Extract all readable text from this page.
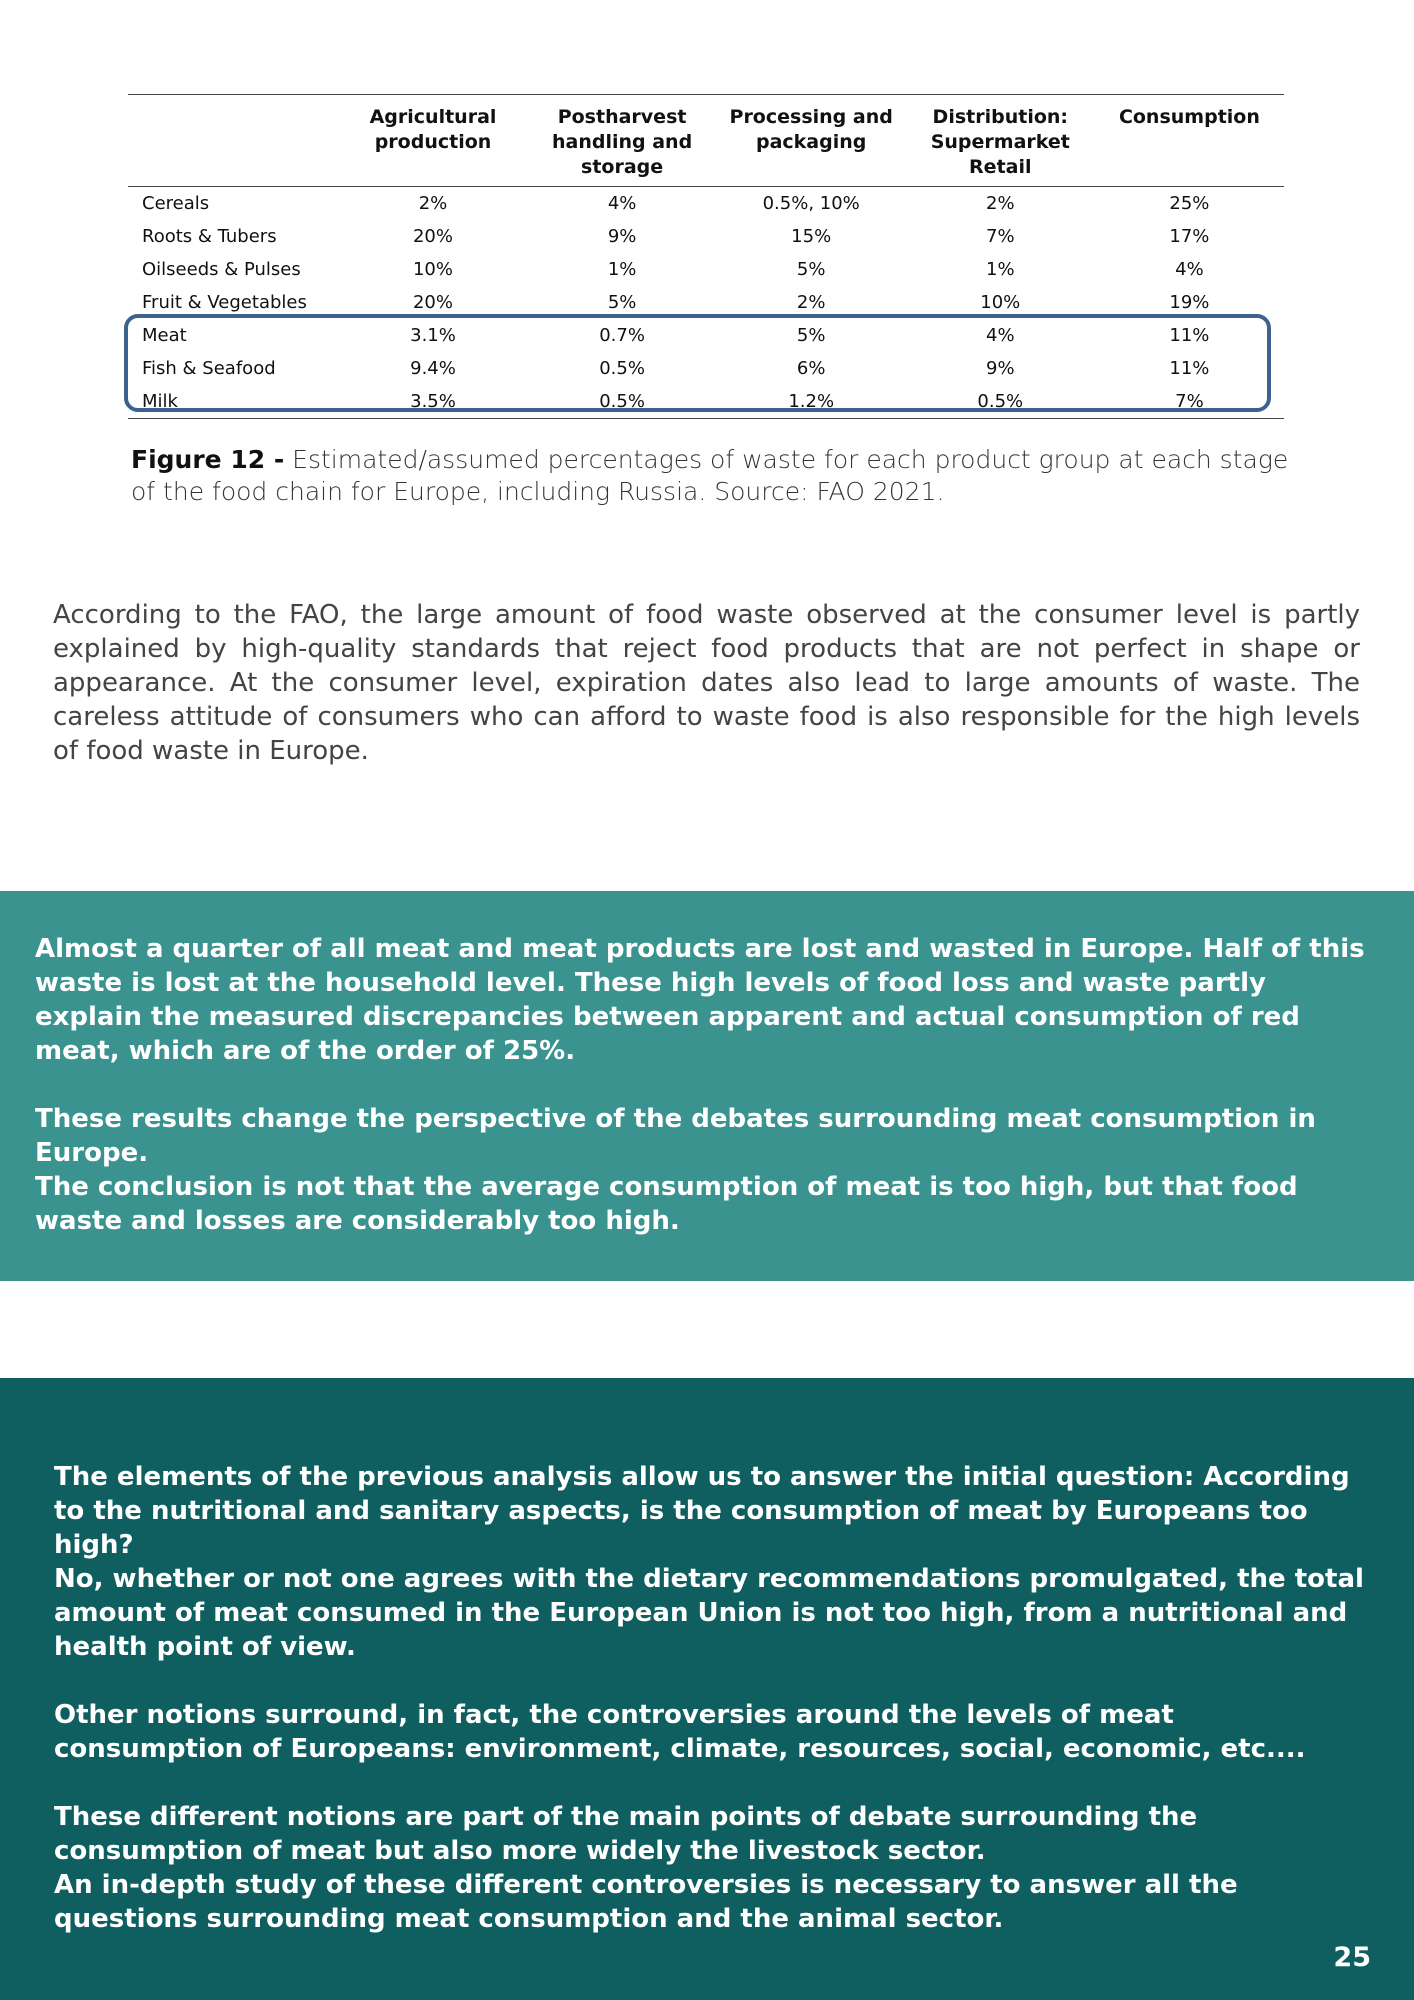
	Agricultural
production	Postharvest
handling and
storage	Processing and
packaging	Distribution:
Supermarket
Retail	Consumption
Cereals	2%	4%	0.5%, 10%	2%	25%
Roots & Tubers	20%	9%	15%	7%	17%
Oilseeds & Pulses	10%	1%	5%	1%	4%
Fruit & Vegetables	20%	5%	2%	10%	19%
Meat	3.1%	0.7%	5%	4%	11%
Fish & Seafood	9.4%	0.5%	6%	9%	11%
Milk	3.5%	0.5%	1.2%	0.5%	7%
Figure 12 - Estimated/assumed percentages of waste for each product group at each stage of the food chain for Europe, including Russia. Source: FAO 2021.

According to the FAO, the large amount of food waste observed at the consumer level is partly explained by high-quality standards that reject food products that are not perfect in shape or appearance. At the consumer level, expiration dates also lead to large amounts of waste. The careless attitude of consumers who can afford to waste food is also responsible for the high levels of food waste in Europe.

Almost a quarter of all meat and meat products are lost and wasted in Europe. Half of this waste is lost at the household level. These high levels of food loss and waste partly explain the measured discrepancies between apparent and actual consumption of red meat, which are of the order of 25%.

These results change the perspective of the debates surrounding meat consumption in Europe.

The conclusion is not that the average consumption of meat is too high, but that food waste and losses are considerably too high.

The elements of the previous analysis allow us to answer the initial question: According to the nutritional and sanitary aspects, is the consumption of meat by Europeans too high?

No, whether or not one agrees with the dietary recommendations promulgated, the total amount of meat consumed in the European Union is not too high, from a nutritional and health point of view.

Other notions surround, in fact, the controversies around the levels of meat consumption of Europeans: environment, climate, resources, social, economic, etc....

These different notions are part of the main points of debate surrounding the consumption of meat but also more widely the livestock sector.

An in-depth study of these different controversies is necessary to answer all the questions surrounding meat consumption and the animal sector.

25
